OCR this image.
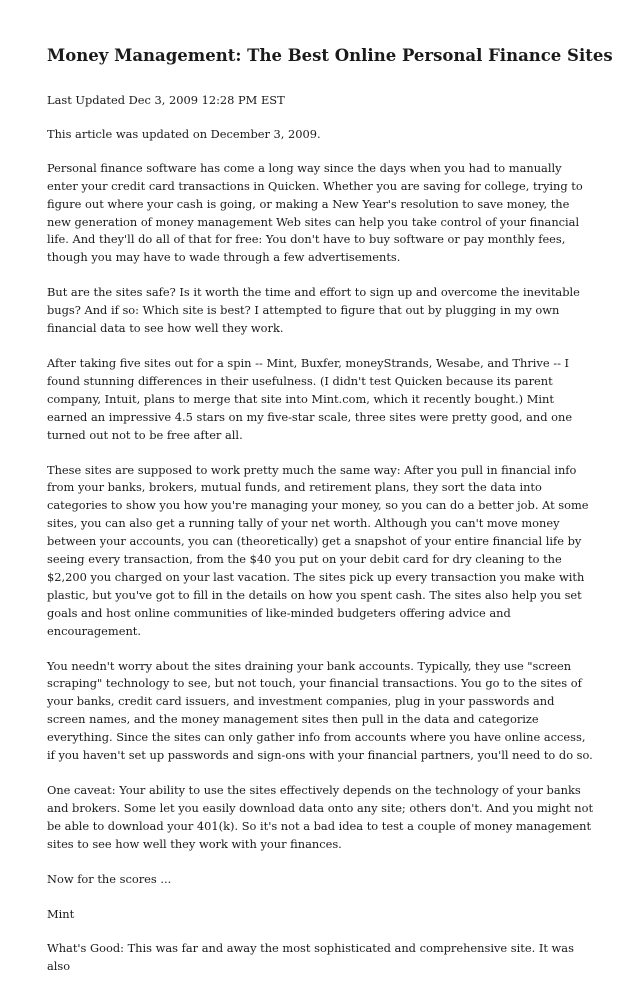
Money Management: The Best Online Personal Finance Sites
Last Updated Dec 3, 2009 12:28 PM EST
This article was updated on December 3, 2009.
Personal finance software has come a long way since the days when you had to manually enter your credit card transactions in Quicken. Whether you are saving for college, trying to figure out where your cash is going, or making a New Year's resolution to save money, the new generation of money management Web sites can help you take control of your financial life. And they'll do all of that for free: You don't have to buy software or pay monthly fees, though you may have to wade through a few advertisements.
But are the sites safe? Is it worth the time and effort to sign up and overcome the inevitable bugs? And if so: Which site is best? I attempted to figure that out by plugging in my own financial data to see how well they work.
After taking five sites out for a spin -- Mint, Buxfer, moneyStrands, Wesabe, and Thrive -- I found stunning differences in their usefulness. (I didn't test Quicken because its parent company, Intuit, plans to merge that site into Mint.com, which it recently bought.) Mint earned an impressive 4.5 stars on my five-star scale, three sites were pretty good, and one turned out not to be free after all.
These sites are supposed to work pretty much the same way: After you pull in financial info from your banks, brokers, mutual funds, and retirement plans, they sort the data into categories to show you how you're managing your money, so you can do a better job. At some sites, you can also get a running tally of your net worth. Although you can't move money between your accounts, you can (theoretically) get a snapshot of your entire financial life by seeing every transaction, from the $40 you put on your debit card for dry cleaning to the $2,200 you charged on your last vacation. The sites pick up every transaction you make with plastic, but you've got to fill in the details on how you spent cash. The sites also help you set goals and host online communities of like-minded budgeters offering advice and encouragement.
You needn't worry about the sites draining your bank accounts. Typically, they use "screen scraping" technology to see, but not touch, your financial transactions. You go to the sites of your banks, credit card issuers, and investment companies, plug in your passwords and screen names, and the money management sites then pull in the data and categorize everything. Since the sites can only gather info from accounts where you have online access, if you haven't set up passwords and sign-ons with your financial partners, you'll need to do so.
One caveat: Your ability to use the sites effectively depends on the technology of your banks and brokers. Some let you easily download data onto any site; others don't. And you might not be able to download your 401(k). So it's not a bad idea to test a couple of money management sites to see how well they work with your finances.
Now for the scores ...
Mint
What's Good: This was far and away the most sophisticated and comprehensive site. It was also
